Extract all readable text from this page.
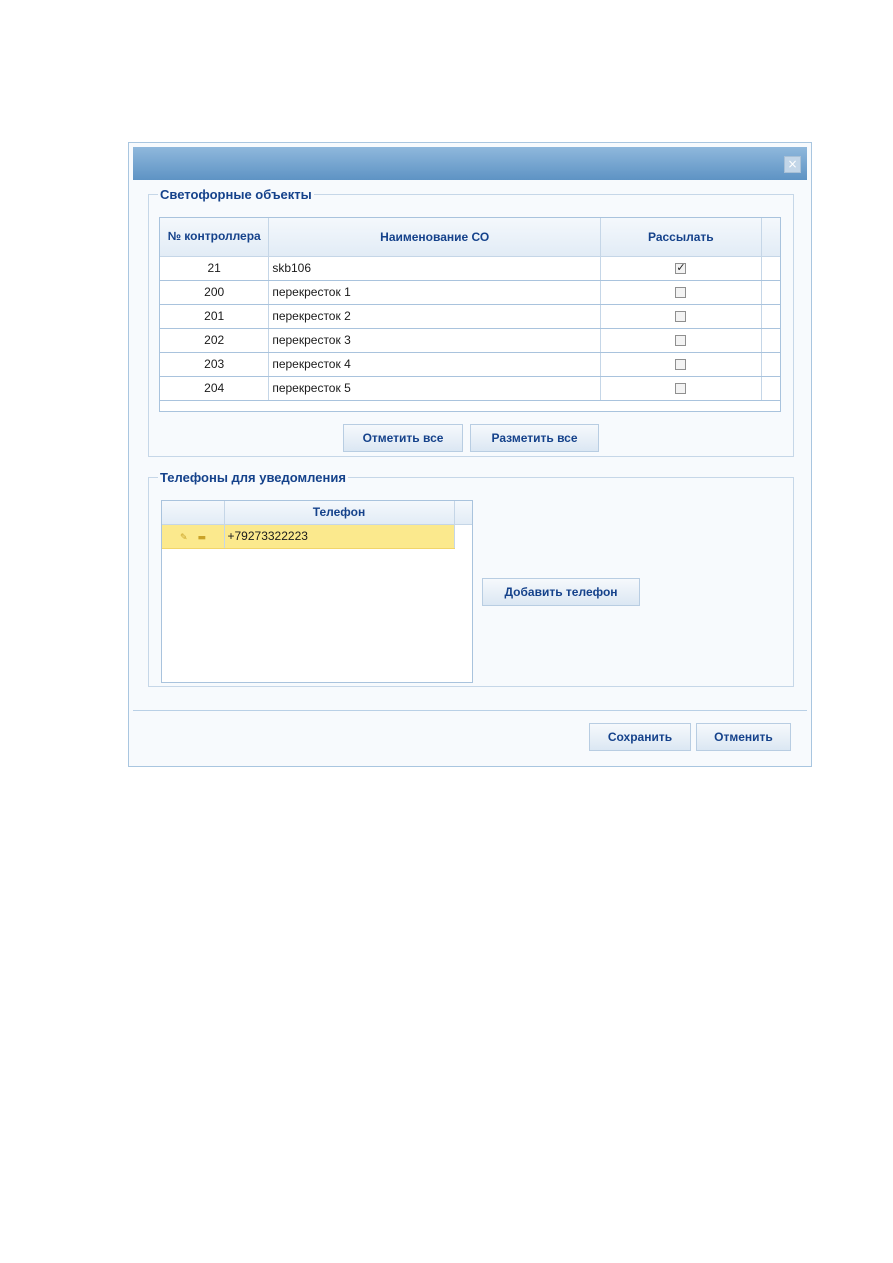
×
Светофорные объекты
№ контроллера	Наименование СО	Рассылать	
21	skb106	✓	
200	перекресток 1		
201	перекресток 2		
202	перекресток 3		
203	перекресток 4		
204	перекресток 5		
Отметить все	Разметить все
Телефоны для уведомления
	Телефон	
✎ ▬	+79273322223	
Добавить телефон
Сохранить	Отменить
